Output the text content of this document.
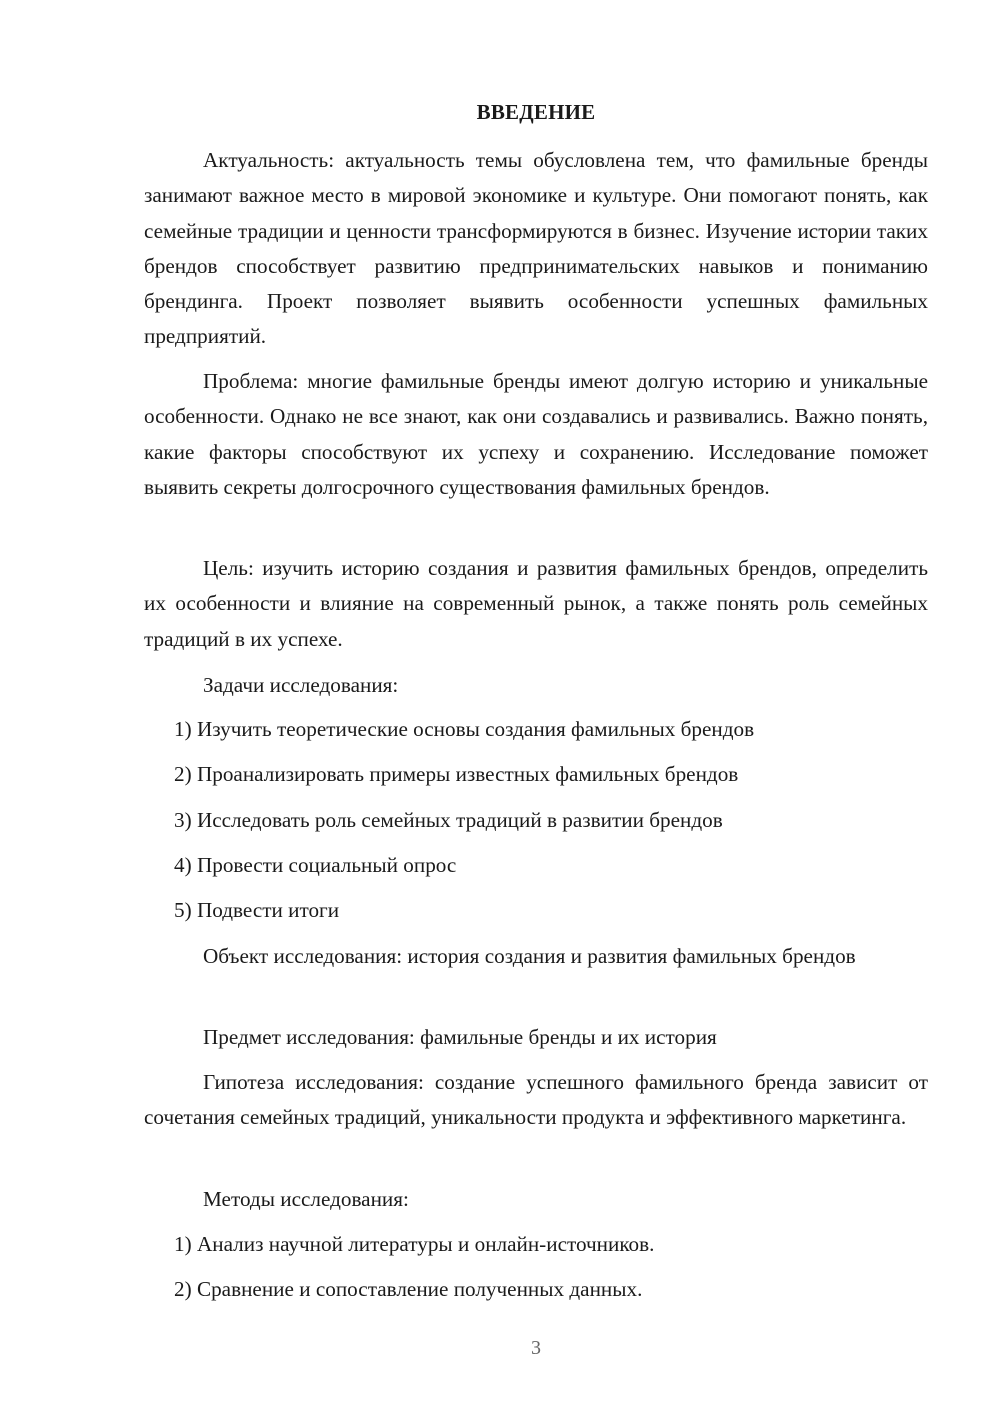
ВВЕДЕНИЕ

Актуальность: актуальность темы обусловлена тем, что фамильные бренды занимают важное место в мировой экономике и культуре. Они помогают понять, как семейные традиции и ценности трансформируются в бизнес. Изучение истории таких брендов способствует развитию предпринимательских навыков и пониманию брендинга. Проект позволяет выявить особенности успешных фамильных предприятий.

Проблема: многие фамильные бренды имеют долгую историю и уникальные особенности. Однако не все знают, как они создавались и развивались. Важно понять, какие факторы способствуют их успеху и сохранению. Исследование поможет выявить секреты долгосрочного существования фамильных брендов.

Цель: изучить историю создания и развития фамильных брендов, определить их особенности и влияние на современный рынок, а также понять роль семейных традиций в их успехе.

Задачи исследования:

1) Изучить теоретические основы создания фамильных брендов

2) Проанализировать примеры известных фамильных брендов

3) Исследовать роль семейных традиций в развитии брендов

4) Провести социальный опрос

5) Подвести итоги

Объект исследования: история создания и развития фамильных брендов

Предмет исследования: фамильные бренды и их история

Гипотеза исследования: создание успешного фамильного бренда зависит от сочетания семейных традиций, уникальности продукта и эффективного маркетинга.

Методы исследования:

1) Анализ научной литературы и онлайн-источников.

2) Сравнение и сопоставление полученных данных.

3
